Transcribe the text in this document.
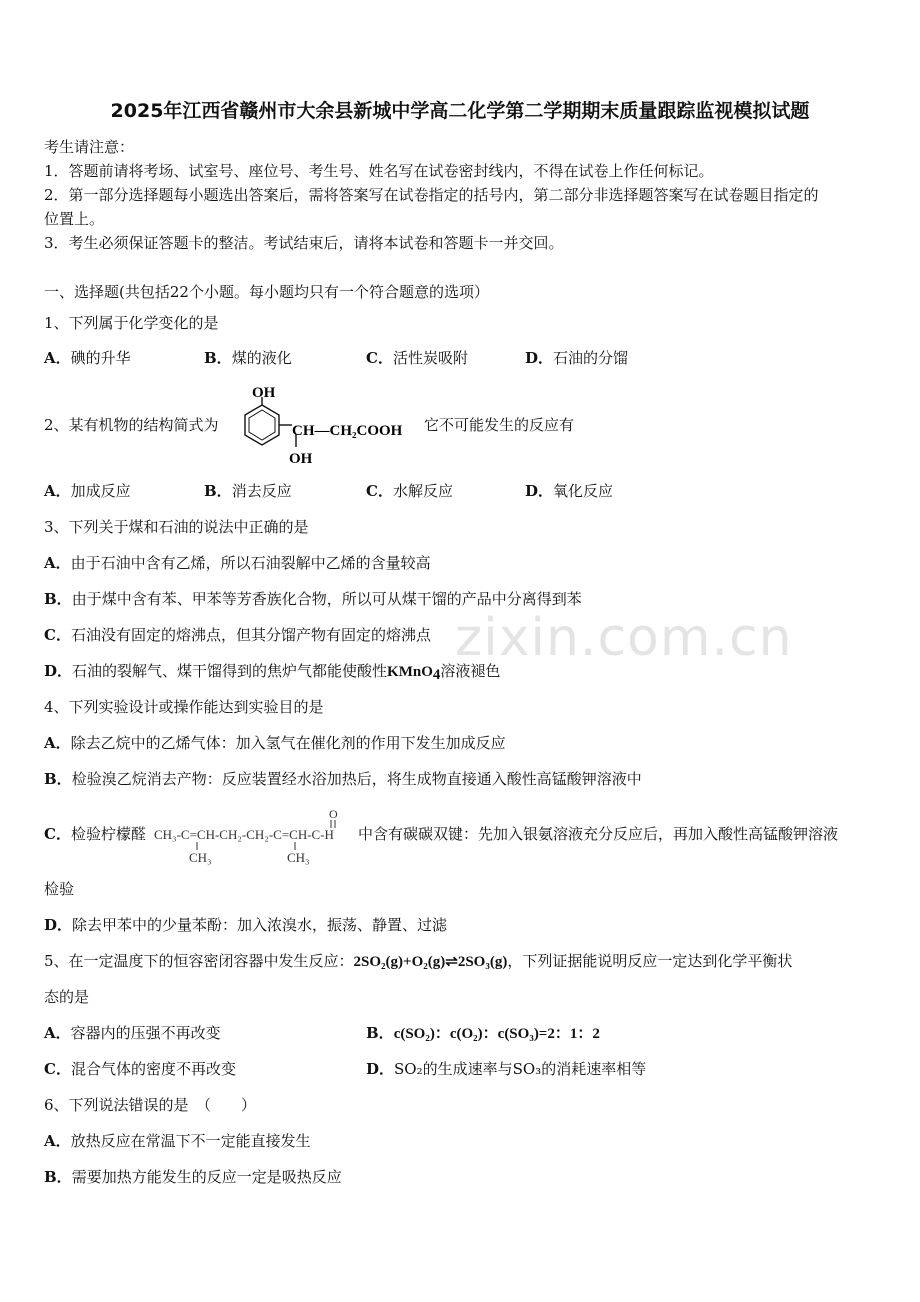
zixin.com.cn
2025年江西省赣州市大余县新城中学高二化学第二学期期末质量跟踪监视模拟试题
考生请注意：
1．答题前请将考场、试室号、座位号、考生号、姓名写在试卷密封线内，不得在试卷上作任何标记。
2．第一部分选择题每小题选出答案后，需将答案写在试卷指定的括号内，第二部分非选择题答案写在试卷题目指定的
位置上。
3．考生必须保证答题卡的整洁。考试结束后，请将本试卷和答题卡一并交回。
一、选择题(共包括22个小题。每小题均只有一个符合题意的选项）
1、下列属于化学变化的是
A．碘的升华	B．煤的液化	C．活性炭吸附	D．石油的分馏
2、某有机物的结构简式为
OH
CH—CH₂COOH
OH
它不可能发生的反应有
A．加成反应	B．消去反应	C．水解反应	D．氧化反应
3、下列关于煤和石油的说法中正确的是
A．由于石油中含有乙烯，所以石油裂解中乙烯的含量较高
B．由于煤中含有苯、甲苯等芳香族化合物，所以可从煤干馏的产品中分离得到苯
C．石油没有固定的熔沸点，但其分馏产物有固定的熔沸点
D．石油的裂解气、煤干馏得到的焦炉气都能使酸性KMnO$_4$溶液褪色
4、下列实验设计或操作能达到实验目的是
A．除去乙烷中的乙烯气体：加入氢气在催化剂的作用下发生加成反应
B．检验溴乙烷消去产物：反应装置经水浴加热后，将生成物直接通入酸性高锰酸钾溶液中
C．检验柠檬醛 CH₃-C=CH-CH₂-CH₂-C=CH-C-H
O
CH₃	CH₃
中含有碳碳双键：先加入银氨溶液充分反应后，再加入酸性高锰酸钾溶液
检验
D．除去甲苯中的少量苯酚：加入浓溴水，振荡、静置、过滤
5、在一定温度下的恒容密闭容器中发生反应：2SO₂(g)+O₂(g)⇌2SO₃(g)，下列证据能说明反应一定达到化学平衡状
态的是
A．容器内的压强不再改变	B．c(SO₂)：c(O₂)：c(SO₃)=2：1：2
C．混合气体的密度不再改变	D．SO₂的生成速率与SO₃的消耗速率相等
6、下列说法错误的是　（　　）
A．放热反应在常温下不一定能直接发生
B．需要加热方能发生的反应一定是吸热反应
